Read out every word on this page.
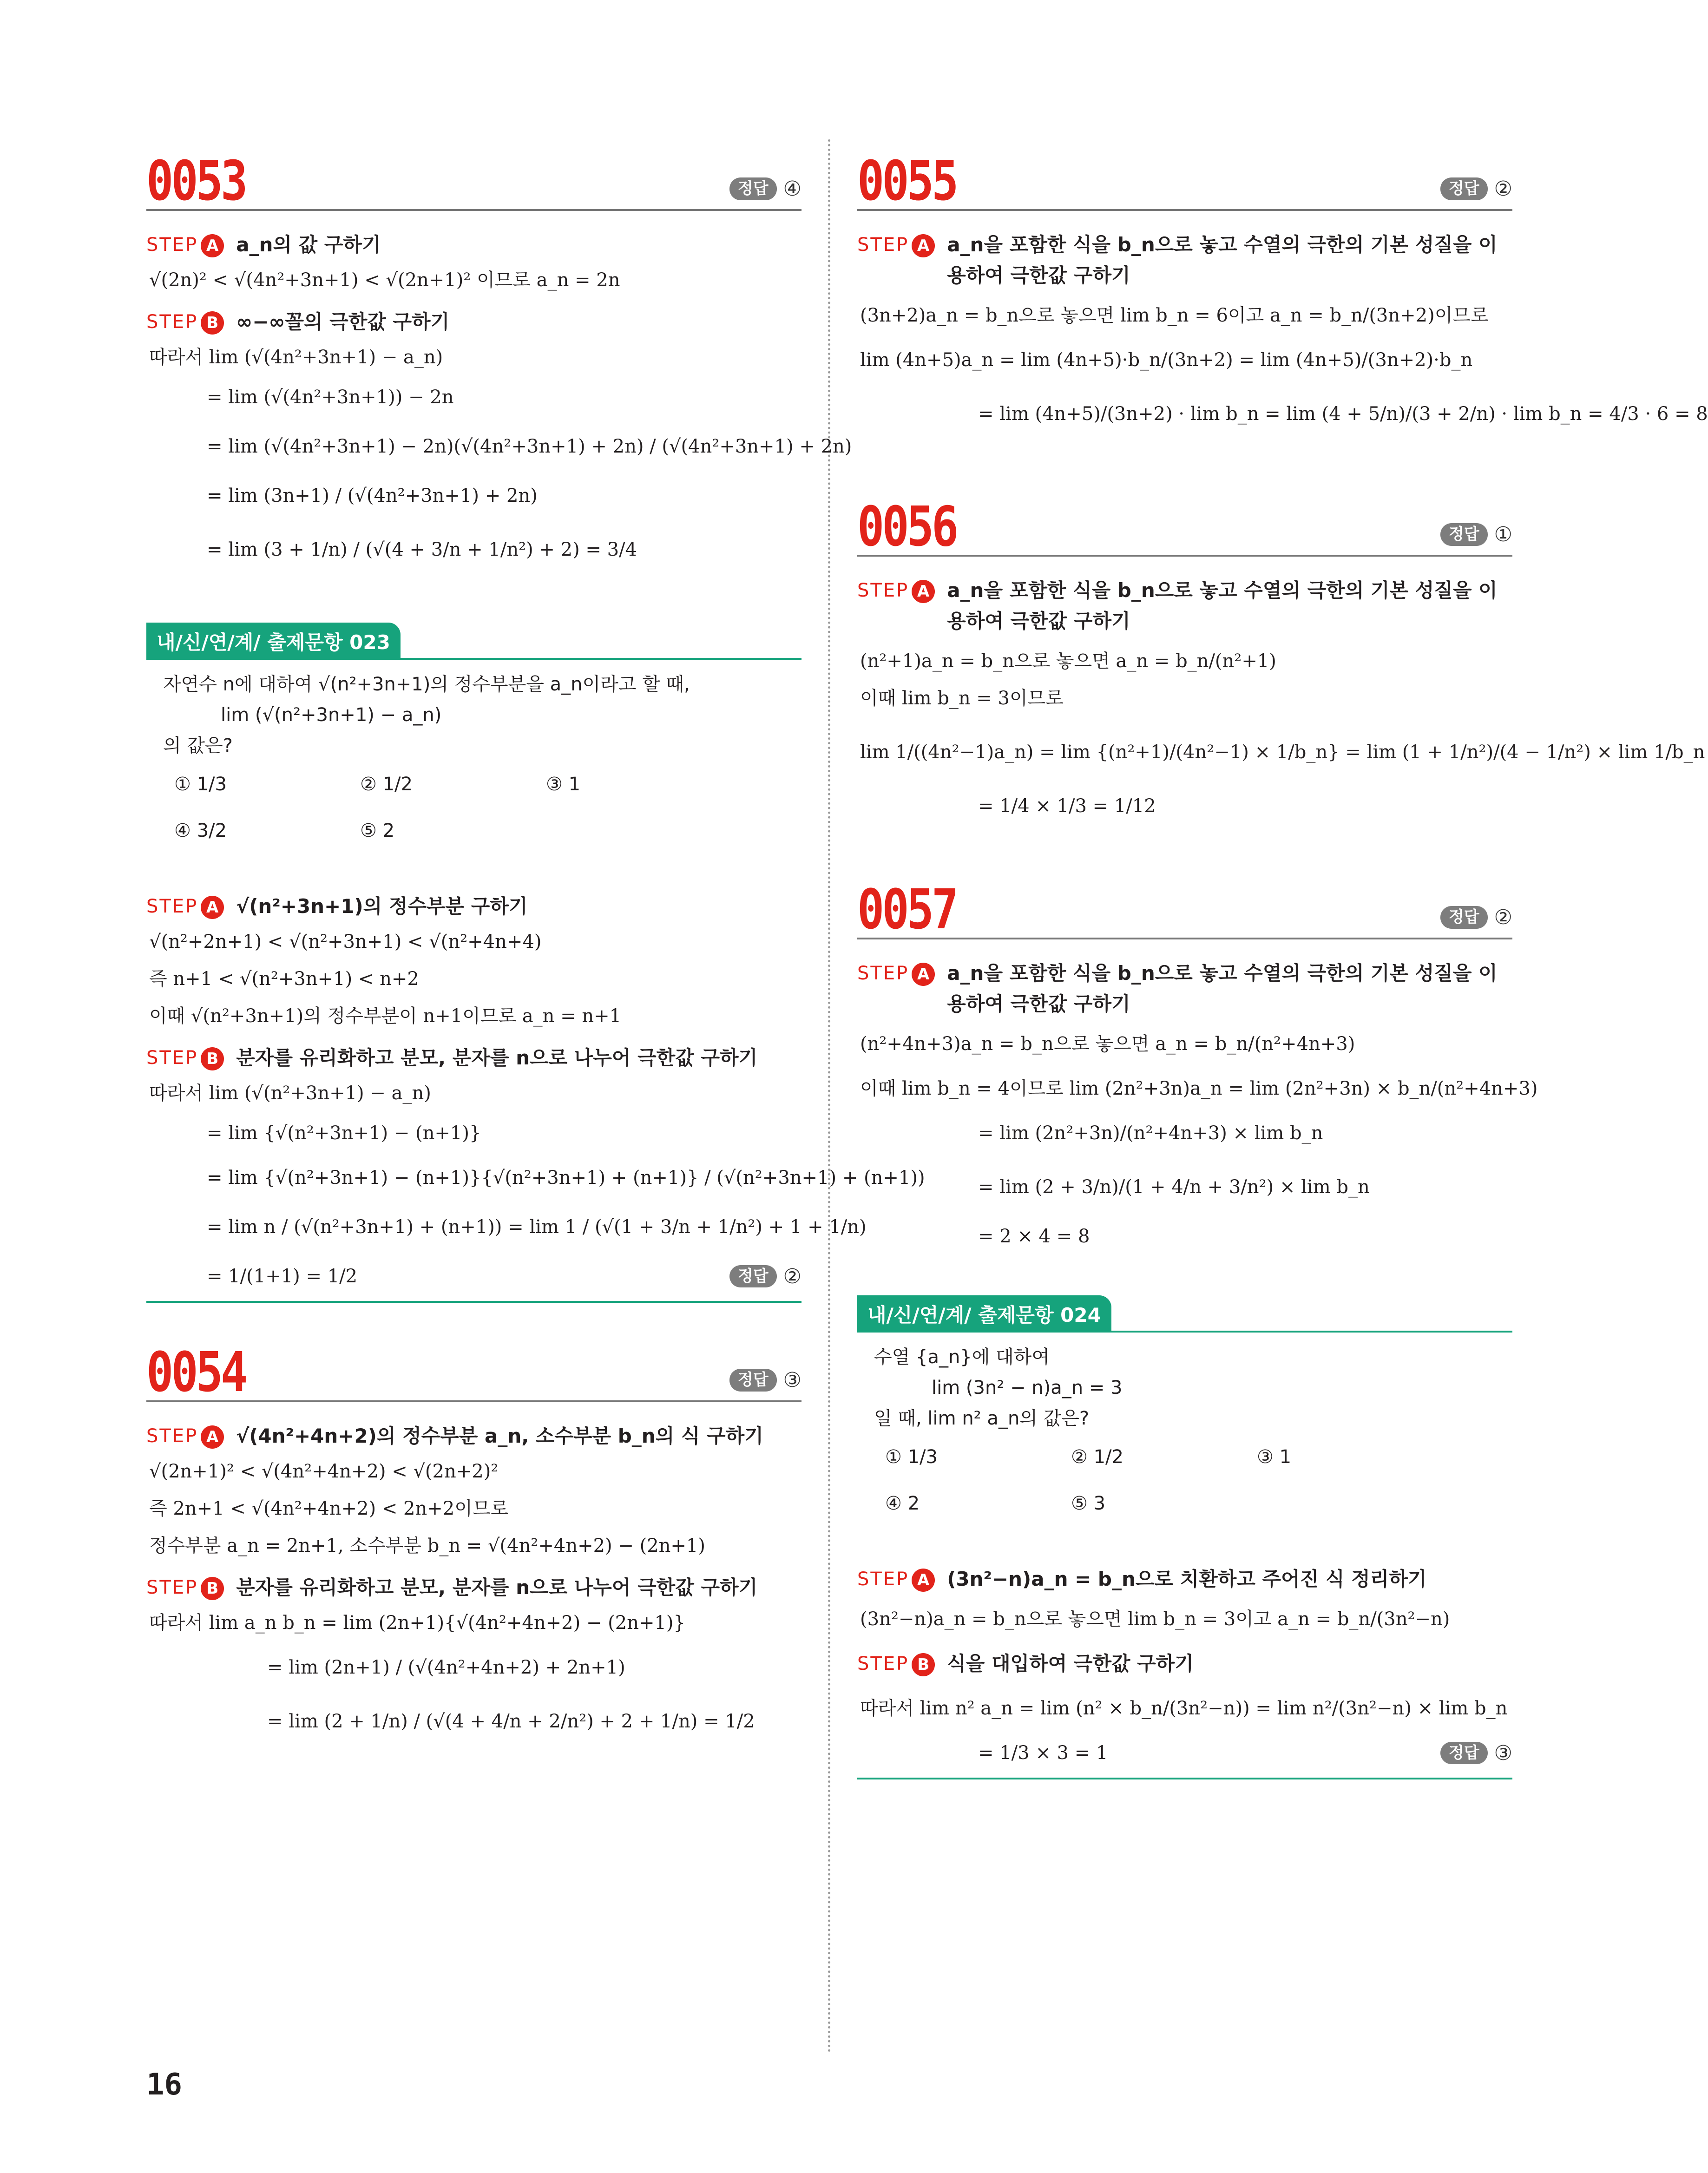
0053	정답 ④
STEP A a_n의 값 구하기
√(2n)² < √(4n²+3n+1) < √(2n+1)² 이므로 a_n = 2n
STEP B ∞−∞꼴의 극한값 구하기
따라서 lim (√(4n²+3n+1) − a_n)
= lim (√(4n²+3n+1)) − 2n
= lim (√(4n²+3n+1) − 2n)(√(4n²+3n+1) + 2n) / (√(4n²+3n+1) + 2n)
= lim (3n+1) / (√(4n²+3n+1) + 2n)
= lim (3 + 1/n) / (√(4 + 3/n + 1/n²) + 2) = 3/4
내/신/연/계/ 출제문항 023
자연수 n에 대하여 √(n²+3n+1)의 정수부분을 a_n이라고 할 때,
lim (√(n²+3n+1) − a_n)
의 값은?
① 1/3	② 1/2	③ 1
④ 3/2	⑤ 2
STEP A √(n²+3n+1)의 정수부분 구하기
√(n²+2n+1) < √(n²+3n+1) < √(n²+4n+4)
즉 n+1 < √(n²+3n+1) < n+2
이때 √(n²+3n+1)의 정수부분이 n+1이므로 a_n = n+1
STEP B 분자를 유리화하고 분모, 분자를 n으로 나누어 극한값 구하기
따라서 lim (√(n²+3n+1) − a_n)
= lim {√(n²+3n+1) − (n+1)}
= lim {√(n²+3n+1) − (n+1)}{√(n²+3n+1) + (n+1)} / (√(n²+3n+1) + (n+1))
= lim n / (√(n²+3n+1) + (n+1)) = lim 1 / (√(1 + 3/n + 1/n²) + 1 + 1/n)
= 1/(1+1) = 1/2	정답 ②
0054	정답 ③
STEP A √(4n²+4n+2)의 정수부분 a_n, 소수부분 b_n의 식 구하기
√(2n+1)² < √(4n²+4n+2) < √(2n+2)²
즉 2n+1 < √(4n²+4n+2) < 2n+2이므로
정수부분 a_n = 2n+1, 소수부분 b_n = √(4n²+4n+2) − (2n+1)
STEP B 분자를 유리화하고 분모, 분자를 n으로 나누어 극한값 구하기
따라서 lim a_n b_n = lim (2n+1){√(4n²+4n+2) − (2n+1)}
= lim (2n+1) / (√(4n²+4n+2) + 2n+1)
= lim (2 + 1/n) / (√(4 + 4/n + 2/n²) + 2 + 1/n) = 1/2
0055	정답 ②
STEP A a_n을 포함한 식을 b_n으로 놓고 수열의 극한의 기본 성질을 이용하여 극한값 구하기
(3n+2)a_n = b_n으로 놓으면 lim b_n = 6이고 a_n = b_n/(3n+2)이므로
lim (4n+5)a_n = lim (4n+5)·b_n/(3n+2) = lim (4n+5)/(3n+2)·b_n
= lim (4n+5)/(3n+2) · lim b_n = lim (4 + 5/n)/(3 + 2/n) · lim b_n = 4/3 · 6 = 8
0056	정답 ①
STEP A a_n을 포함한 식을 b_n으로 놓고 수열의 극한의 기본 성질을 이용하여 극한값 구하기
(n²+1)a_n = b_n으로 놓으면 a_n = b_n/(n²+1)
이때 lim b_n = 3이므로
lim 1/((4n²−1)a_n) = lim {(n²+1)/(4n²−1) × 1/b_n} = lim (1 + 1/n²)/(4 − 1/n²) × lim 1/b_n
= 1/4 × 1/3 = 1/12
0057	정답 ②
STEP A a_n을 포함한 식을 b_n으로 놓고 수열의 극한의 기본 성질을 이용하여 극한값 구하기
(n²+4n+3)a_n = b_n으로 놓으면 a_n = b_n/(n²+4n+3)
이때 lim b_n = 4이므로 lim (2n²+3n)a_n = lim (2n²+3n) × b_n/(n²+4n+3)
= lim (2n²+3n)/(n²+4n+3) × lim b_n
= lim (2 + 3/n)/(1 + 4/n + 3/n²) × lim b_n
= 2 × 4 = 8
내/신/연/계/ 출제문항 024
수열 {a_n}에 대하여
lim (3n² − n)a_n = 3
일 때, lim n² a_n의 값은?
① 1/3	② 1/2	③ 1
④ 2	⑤ 3
STEP A (3n²−n)a_n = b_n으로 치환하고 주어진 식 정리하기
(3n²−n)a_n = b_n으로 놓으면 lim b_n = 3이고 a_n = b_n/(3n²−n)
STEP B 식을 대입하여 극한값 구하기
따라서 lim n² a_n = lim (n² × b_n/(3n²−n)) = lim n²/(3n²−n) × lim b_n
= 1/3 × 3 = 1	정답 ③
16
